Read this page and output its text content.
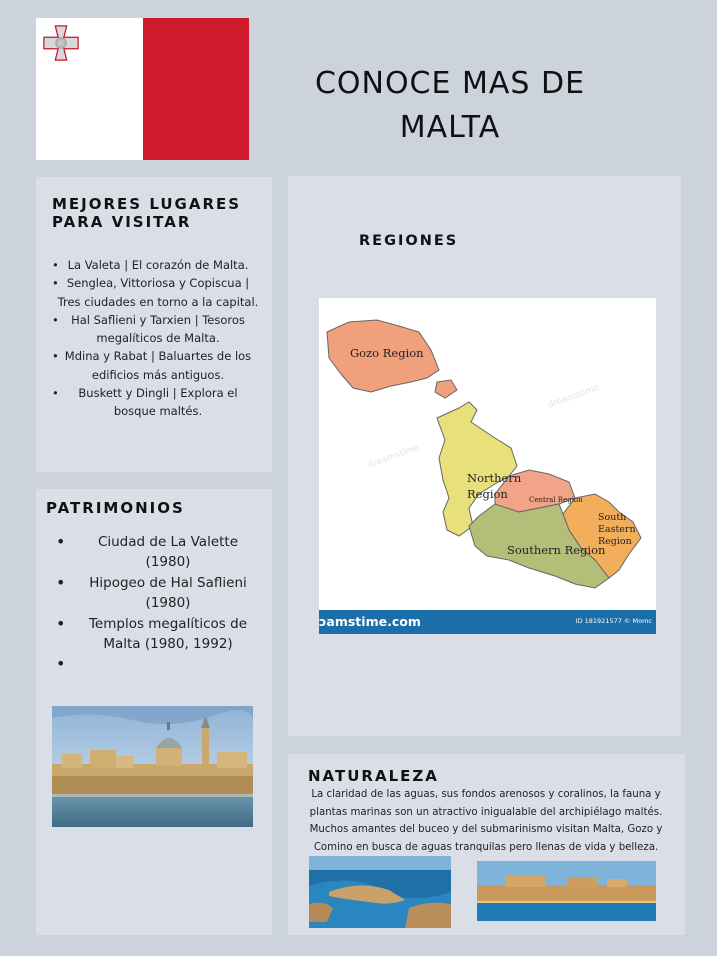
CONOCE MAS DE
MALTA
MEJORES LUGARES
PARA VISITAR
• La Valeta | El corazón de Malta.
• Senglea, Vittoriosa y Copiscua | Tres ciudades en torno a la capital.
• Hal Saflieni y Tarxien | Tesoros megalíticos de Malta.
• Mdina y Rabat | Baluartes de los edificios más antiguos.
• Buskett y Dingli | Explora el bosque maltés.
PATRIMONIOS
• Ciudad de La Valette (1980)
• Hipogeo de Hal Saflieni (1980)
• Templos megalíticos de Malta (1980, 1992)
•
REGIONES
dreamstime
dreamstime
Gozo Region
Northern
Region	Central Region
South
Eastern
Region
Southern Region
ɔamstime.com	ID 181921577 © Momc
NATURALEZA
La claridad de las aguas, sus fondos arenosos y coralinos, la fauna y plantas marinas son un atractivo inigualable del archipiélago maltés. Muchos amantes del buceo y del submarinismo visitan Malta, Gozo y Comino en busca de aguas tranquilas pero llenas de vida y belleza.
